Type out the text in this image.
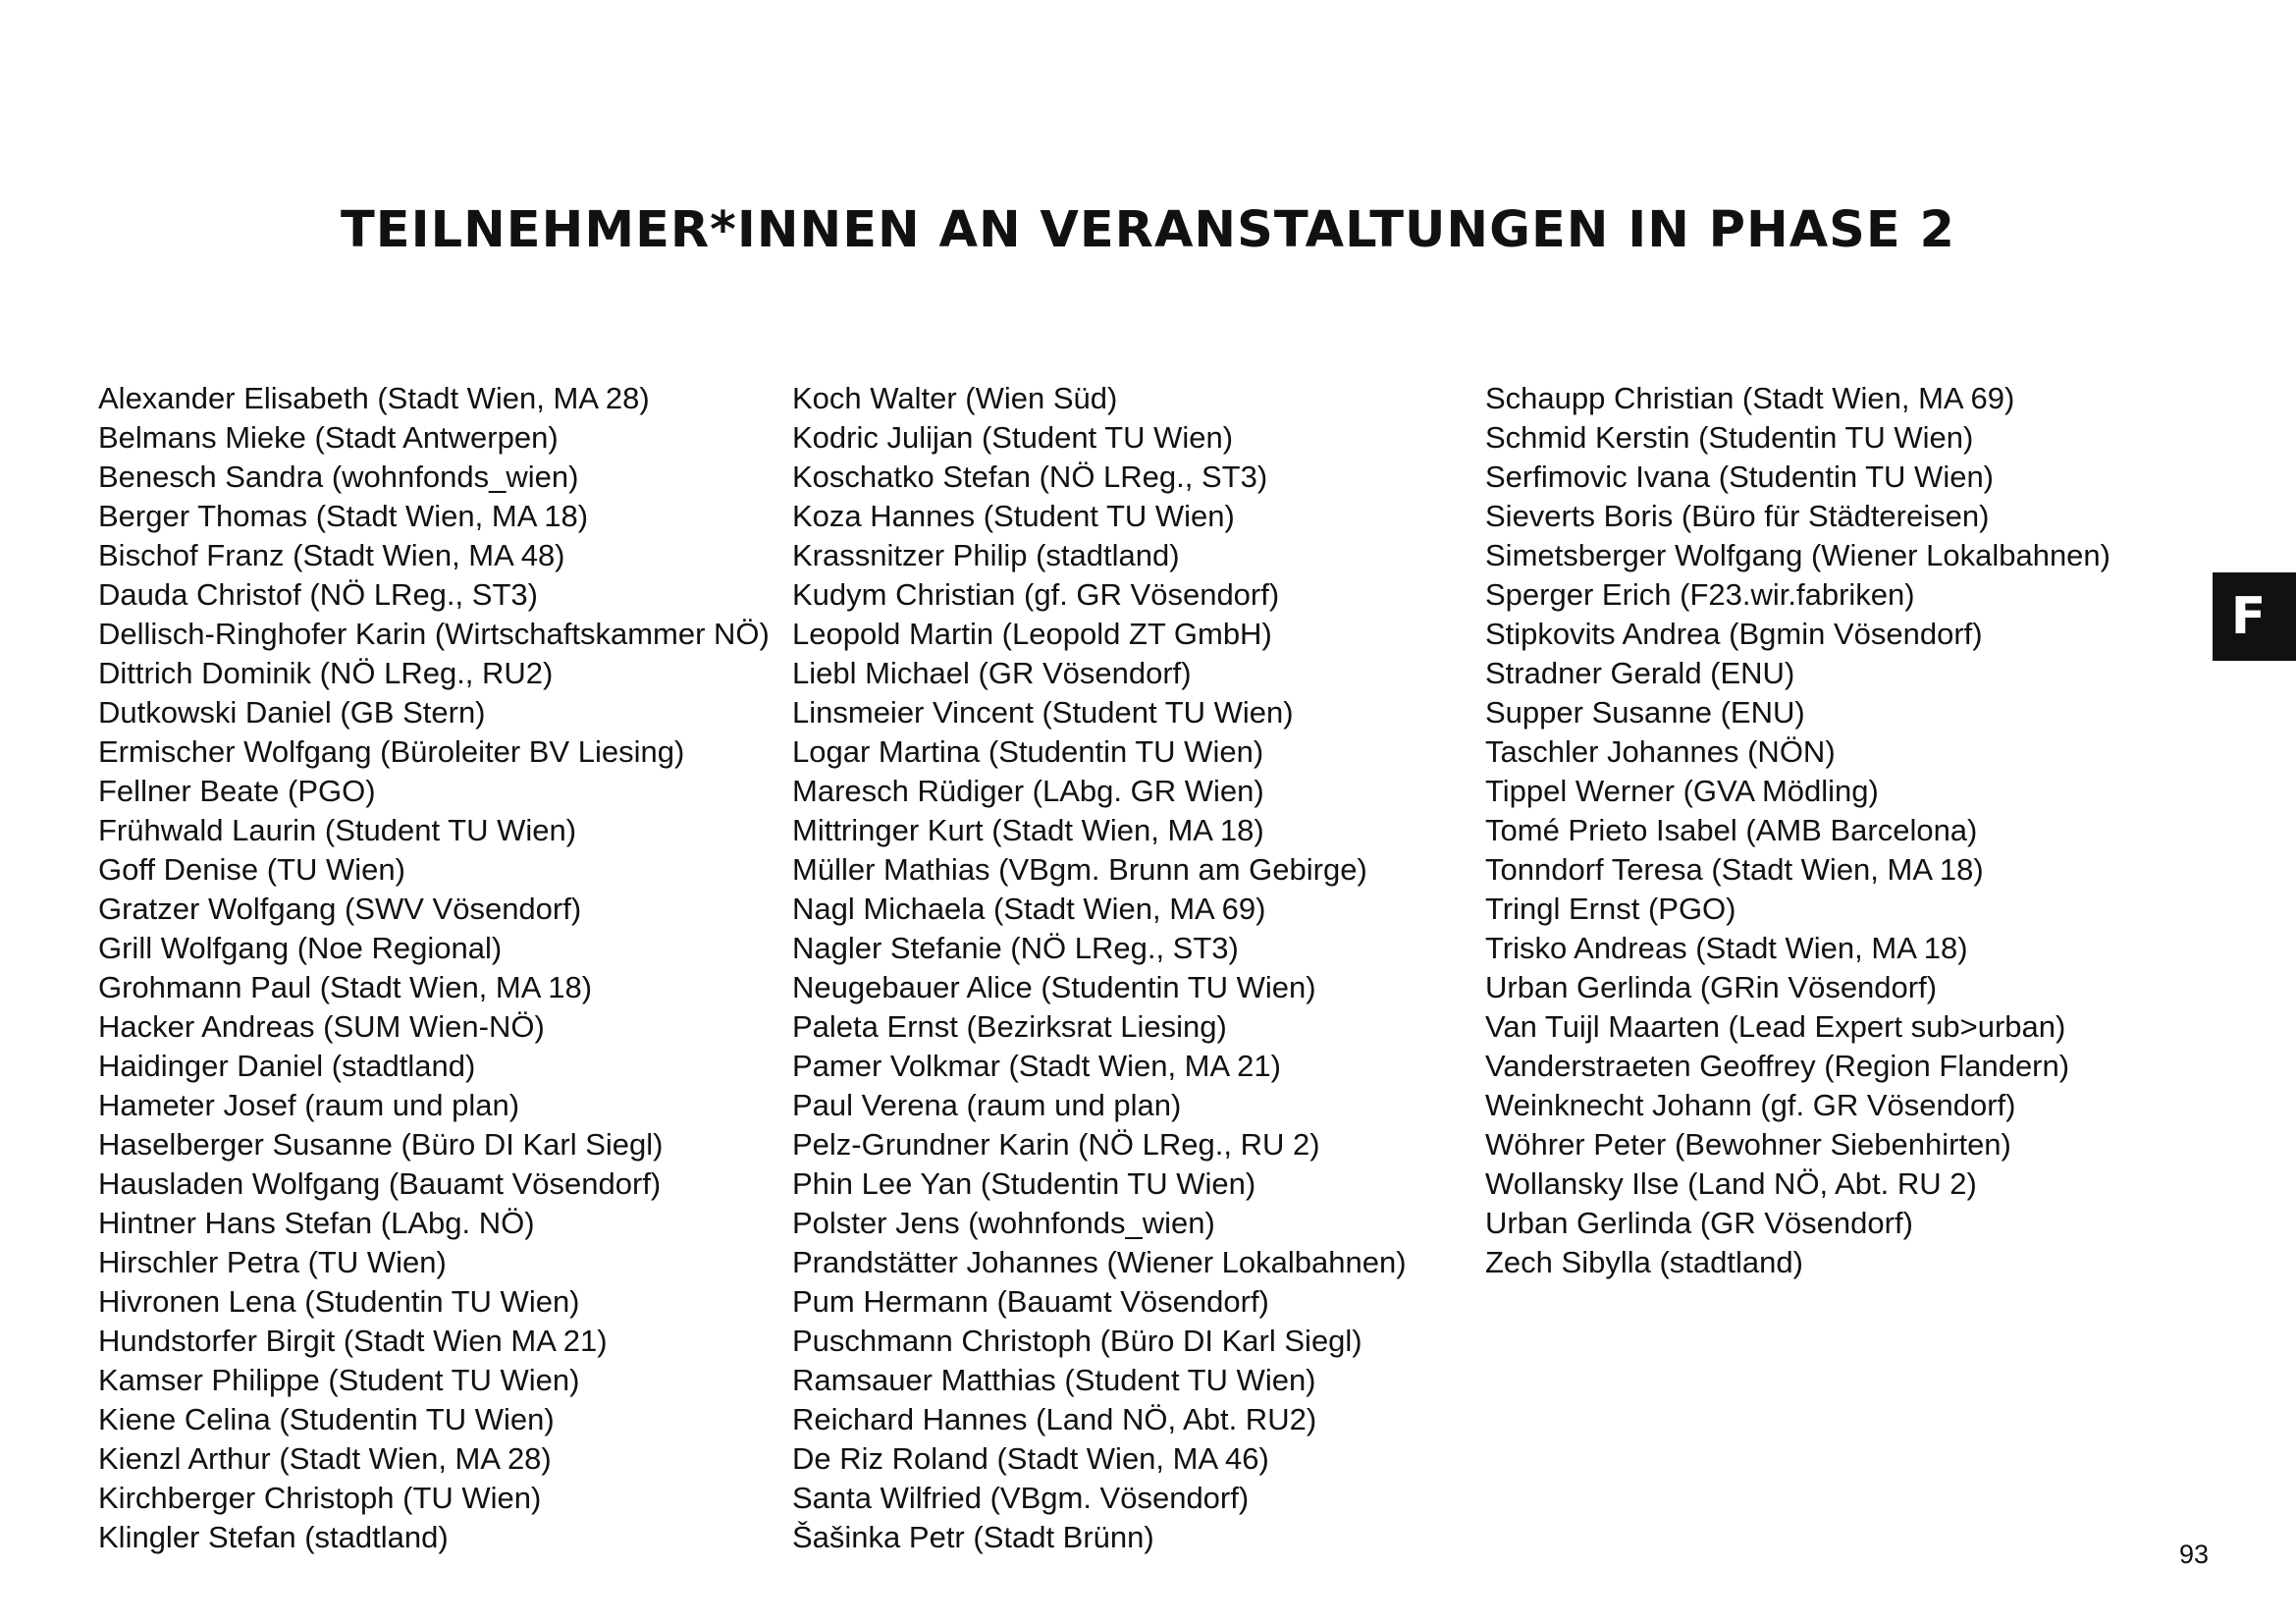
TEILNEHMER*INNEN AN VERANSTALTUNGEN IN PHASE 2
Alexander Elisabeth (Stadt Wien, MA 28)
Belmans Mieke (Stadt Antwerpen)
Benesch Sandra (wohnfonds_wien)
Berger Thomas (Stadt Wien, MA 18)
Bischof Franz (Stadt Wien, MA 48)
Dauda Christof (NÖ LReg., ST3)
Dellisch-Ringhofer Karin (Wirtschaftskammer NÖ)
Dittrich Dominik (NÖ LReg., RU2)
Dutkowski Daniel (GB Stern)
Ermischer Wolfgang (Büroleiter BV Liesing)
Fellner Beate (PGO)
Frühwald Laurin (Student TU Wien)
Goff Denise (TU Wien)
Gratzer Wolfgang (SWV Vösendorf)
Grill Wolfgang (Noe Regional)
Grohmann Paul (Stadt Wien, MA 18)
Hacker Andreas (SUM Wien-NÖ)
Haidinger Daniel (stadtland)
Hameter Josef (raum und plan)
Haselberger Susanne (Büro DI Karl Siegl)
Hausladen Wolfgang (Bauamt Vösendorf)
Hintner Hans Stefan (LAbg. NÖ)
Hirschler Petra (TU Wien)
Hivronen Lena (Studentin TU Wien)
Hundstorfer Birgit (Stadt Wien MA 21)
Kamser Philippe (Student TU Wien)
Kiene Celina (Studentin TU Wien)
Kienzl Arthur (Stadt Wien, MA 28)
Kirchberger Christoph (TU Wien)
Klingler Stefan (stadtland)
Koch Walter (Wien Süd)
Kodric Julijan (Student TU Wien)
Koschatko Stefan (NÖ LReg., ST3)
Koza Hannes (Student TU Wien)
Krassnitzer Philip (stadtland)
Kudym Christian (gf. GR Vösendorf)
Leopold Martin (Leopold ZT GmbH)
Liebl Michael (GR Vösendorf)
Linsmeier Vincent (Student TU Wien)
Logar Martina (Studentin TU Wien)
Maresch Rüdiger (LAbg. GR Wien)
Mittringer Kurt (Stadt Wien, MA 18)
Müller Mathias (VBgm. Brunn am Gebirge)
Nagl Michaela (Stadt Wien, MA 69)
Nagler Stefanie (NÖ LReg., ST3)
Neugebauer Alice (Studentin TU Wien)
Paleta Ernst (Bezirksrat Liesing)
Pamer Volkmar (Stadt Wien, MA 21)
Paul Verena (raum und plan)
Pelz-Grundner Karin (NÖ LReg., RU 2)
Phin Lee Yan (Studentin TU Wien)
Polster Jens (wohnfonds_wien)
Prandstätter Johannes (Wiener Lokalbahnen)
Pum Hermann (Bauamt Vösendorf)
Puschmann Christoph (Büro DI Karl Siegl)
Ramsauer Matthias (Student TU Wien)
Reichard Hannes (Land NÖ, Abt. RU2)
De Riz Roland (Stadt Wien, MA 46)
Santa Wilfried (VBgm. Vösendorf)
Šašinka Petr (Stadt Brünn)
Schaupp Christian (Stadt Wien, MA 69)
Schmid Kerstin (Studentin TU Wien)
Serfimovic Ivana (Studentin TU Wien)
Sieverts Boris (Büro für Städtereisen)
Simetsberger Wolfgang (Wiener Lokalbahnen)
Sperger Erich (F23.wir.fabriken)
Stipkovits Andrea (Bgmin Vösendorf)
Stradner Gerald (ENU)
Supper Susanne (ENU)
Taschler Johannes (NÖN)
Tippel Werner (GVA Mödling)
Tomé Prieto Isabel (AMB Barcelona)
Tonndorf Teresa (Stadt Wien, MA 18)
Tringl Ernst (PGO)
Trisko Andreas (Stadt Wien, MA 18)
Urban Gerlinda (GRin Vösendorf)
Van Tuijl Maarten (Lead Expert sub>urban)
Vanderstraeten Geoffrey (Region Flandern)
Weinknecht Johann (gf. GR Vösendorf)
Wöhrer Peter (Bewohner Siebenhirten)
Wollansky Ilse (Land NÖ, Abt. RU 2)
Urban Gerlinda (GR Vösendorf)
Zech Sibylla (stadtland)
F
93
